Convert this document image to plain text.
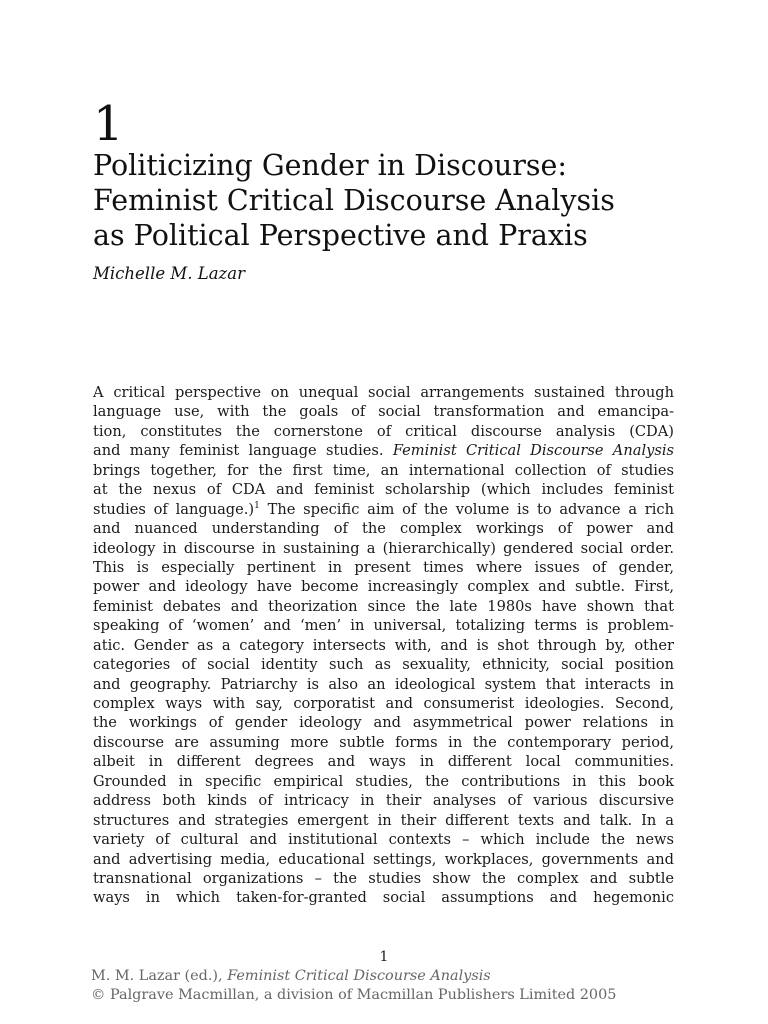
1
Politicizing Gender in Discourse:
Feminist Critical Discourse Analysis
as Political Perspective and Praxis
Michelle M. Lazar
A critical perspective on unequal social arrangements sustained through
language use, with the goals of social transformation and emancipa-
tion, constitutes the cornerstone of critical discourse analysis (CDA)
and many feminist language studies. Feminist Critical Discourse Analysis
brings together, for the first time, an international collection of studies
at the nexus of CDA and feminist scholarship (which includes feminist
studies of language.)$^1$ The specific aim of the volume is to advance a rich
and nuanced understanding of the complex workings of power and
ideology in discourse in sustaining a (hierarchically) gendered social order.
This is especially pertinent in present times where issues of gender,
power and ideology have become increasingly complex and subtle. First,
feminist debates and theorization since the late 1980s have shown that
speaking of ‘women’ and ‘men’ in universal, totalizing terms is problem-
atic. Gender as a category intersects with, and is shot through by, other
categories of social identity such as sexuality, ethnicity, social position
and geography. Patriarchy is also an ideological system that interacts in
complex ways with say, corporatist and consumerist ideologies. Second,
the workings of gender ideology and asymmetrical power relations in
discourse are assuming more subtle forms in the contemporary period,
albeit in different degrees and ways in different local communities.
Grounded in specific empirical studies, the contributions in this book
address both kinds of intricacy in their analyses of various discursive
structures and strategies emergent in their different texts and talk. In a
variety of cultural and institutional contexts – which include the news
and advertising media, educational settings, workplaces, governments and
transnational organizations – the studies show the complex and subtle
ways in which taken-for-granted social assumptions and hegemonic
1
M. M. Lazar (ed.), Feminist Critical Discourse Analysis
© Palgrave Macmillan, a division of Macmillan Publishers Limited 2005
